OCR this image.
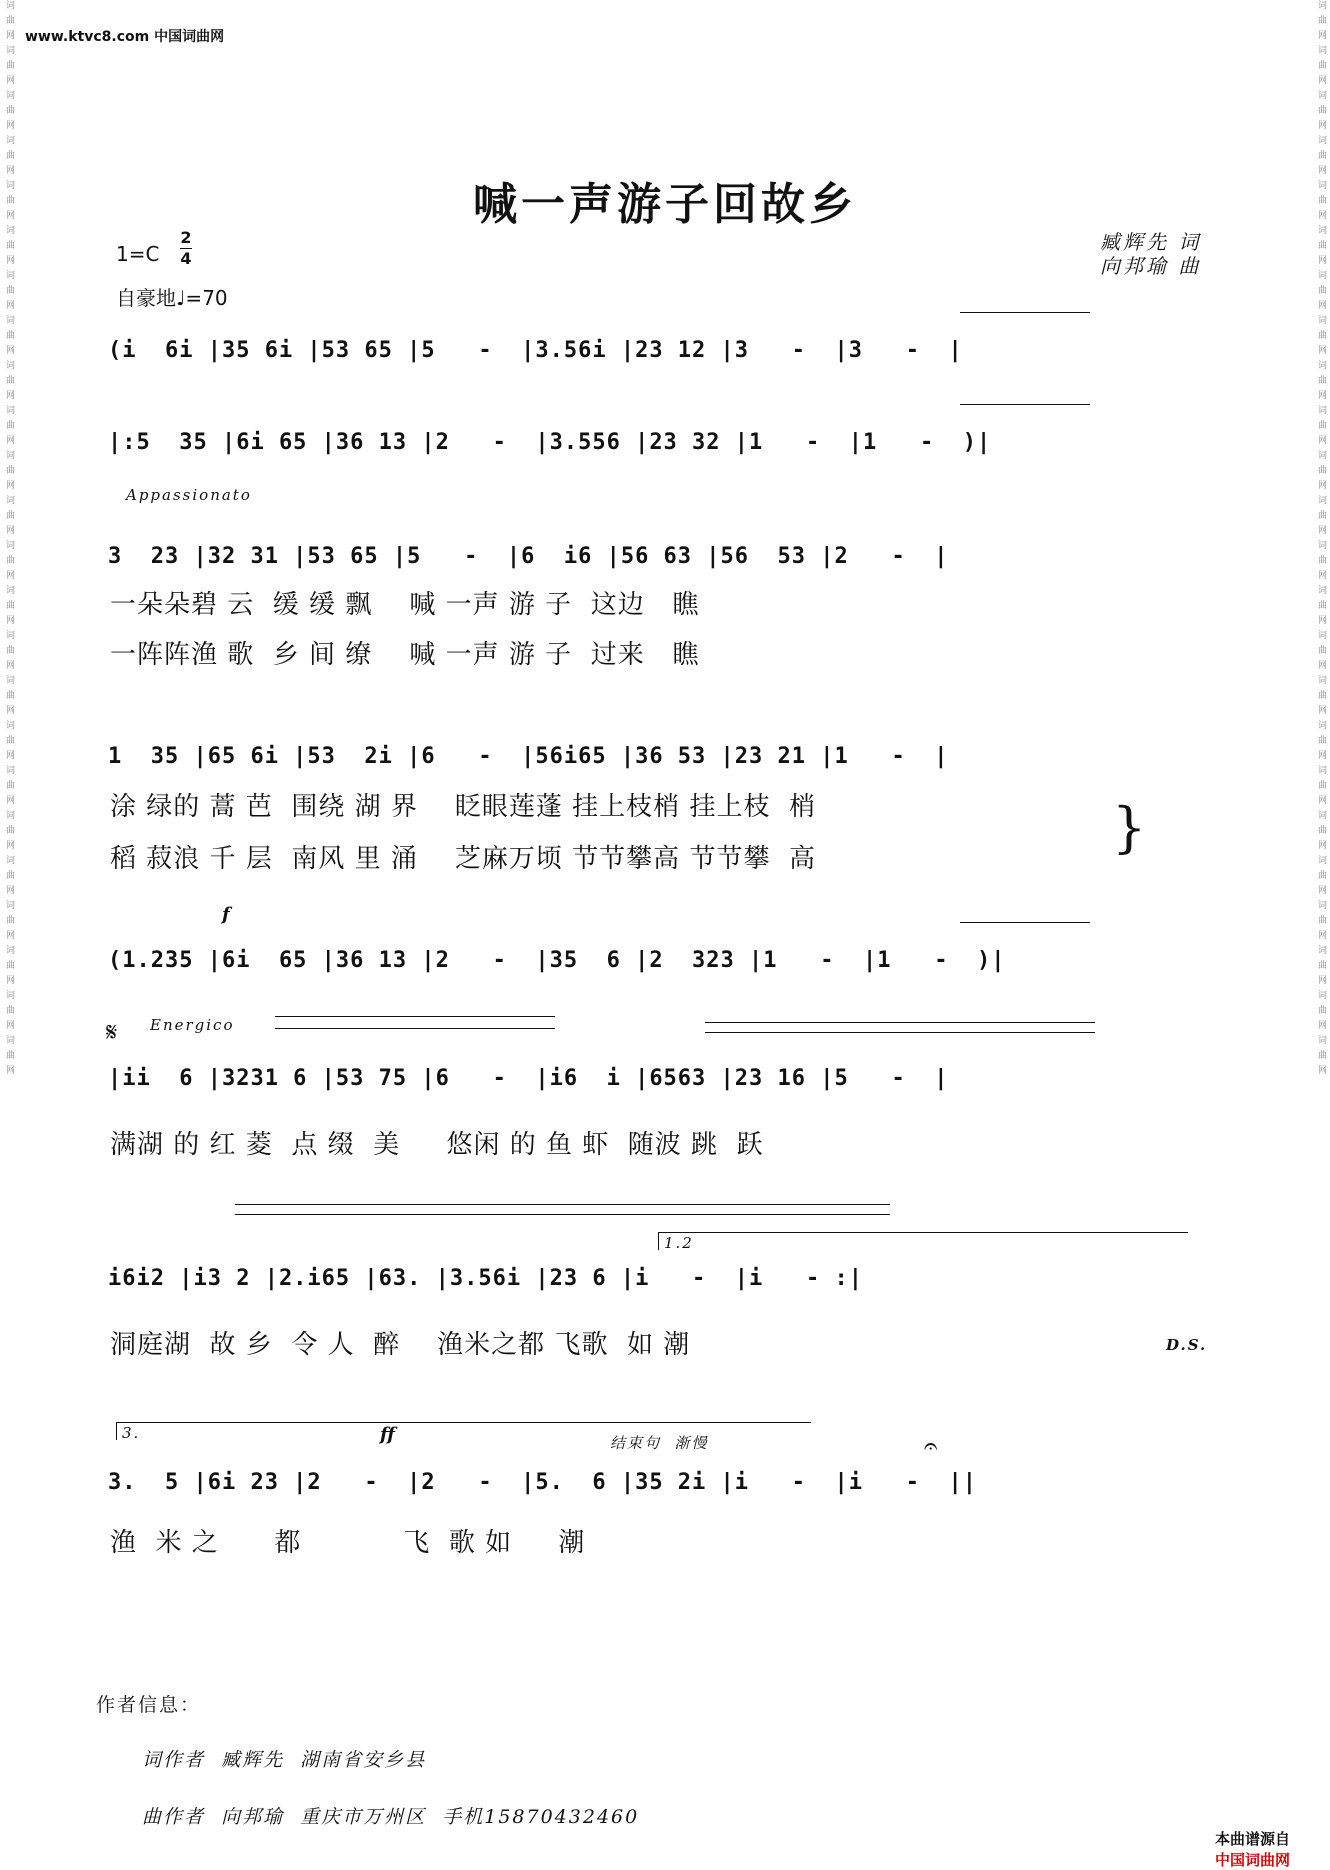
词曲网词曲网词曲网词曲网词曲网词曲网词曲网词曲网词曲网词曲网词曲网词曲网词曲网词曲网词曲网词曲网词曲网词曲网词曲网词曲网词曲网词曲网词曲网词曲网	词曲网词曲网词曲网词曲网词曲网词曲网词曲网词曲网词曲网词曲网词曲网词曲网词曲网词曲网词曲网词曲网词曲网词曲网词曲网词曲网词曲网词曲网词曲网词曲网
www.ktvc8.com 中国词曲网
喊一声游子回故乡
臧辉先 词
向邦瑜 曲
1=C
2
4
自豪地♩=70
(i  6i |35 6i |53 65 |5   -  |3.56i |23 12 |3   -  |3   -  |
|:5  35 |6i 65 |36 13 |2   -  |3.556 |23 32 |1   -  |1   -  )|
Appassionato
3  23 |32 31 |53 65 |5   -  |6  i6 |56 63 |56  53 |2   -  |
一朵朵碧 云  缓 缓 飘    喊 一声 游 子  这边   瞧
一阵阵渔 歌  乡 间 缭    喊 一声 游 子  过来   瞧
1  35 |65 6i |53  2i |6   -  |56i65 |36 53 |23 21 |1   -  |
涂 绿的 蒿 芭  围绕 湖 界    眨眼莲蓬 挂上枝梢 挂上枝  梢
稻 菽浪 千 层  南风 里 涌    芝麻万顷 节节攀高 节节攀  高	}
f
(1.235 |6i  65 |36 13 |2   -  |35  6 |2  323 |1   -  |1   -  )|
𝄋 Energico
|ii  6 |3231 6 |53 75 |6   -  |i6  i |6563 |23 16 |5   -  |
满湖 的 红 菱  点 缀  美     悠闲 的 鱼 虾  随波 跳  跃
1.2
i6i2 |i3 2 |2.i65 |63. |3.56i |23 6 |i   -  |i   - :|
洞庭湖  故 乡  令 人  醉    渔米之都 飞歌  如 潮	D.S.
3.	ff	结束句  渐慢	𝄐
3.  5 |6i 23 |2   -  |2   -  |5.  6 |35 2i |i   -  |i   -  ||
渔  米 之      都           飞  歌 如     潮
作者信息：
词作者  臧辉先  湖南省安乡县
曲作者  向邦瑜  重庆市万州区  手机15870432460

本曲谱源自
中国词曲网
